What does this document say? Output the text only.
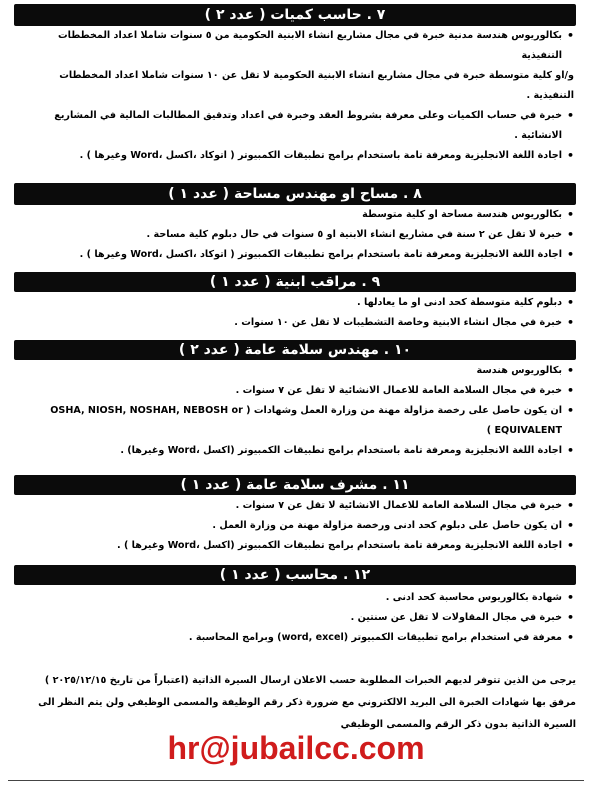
٧ . حاسب كميات ( عدد ٢ )

• بكالوريوس هندسة مدنية خبرة في مجال مشاريع انشاء الابنية الحكومية من ٥ سنوات شاملا اعداد المخططات التنفيذية

و/او كلية متوسطة خبرة في مجال مشاريع انشاء الابنية الحكومية لا تقل عن ١٠ سنوات شاملا اعداد المخططات التنفيذية .

• خبرة في حساب الكميات وعلى معرفة بشروط العقد وخبرة في اعداد وتدقيق المطالبات المالية في المشاريع الانشائية .

• اجادة اللغة الانجليزية ومعرفة تامة باستخدام برامج تطبيقات الكمبيوتر ( اتوكاد ،اكسل ،Word وغيرها ) .

٨ . مساح او مهندس مساحة ( عدد ١ )

• بكالوريوس هندسة مساحة او كلية متوسطة

• خبرة لا تقل عن ٢ سنة في مشاريع انشاء الابنية او ٥ سنوات في حال دبلوم كلية مساحة .

• اجادة اللغة الانجليزية ومعرفة تامة باستخدام برامج تطبيقات الكمبيوتر ( اتوكاد ،اكسل ،Word وغيرها ) .

٩ . مراقب ابنية ( عدد ١ )

• دبلوم كلية متوسطة كحد ادنى او ما يعادلها .

• خبرة في مجال انشاء الابنية وخاصة التشطيبات لا تقل عن ١٠ سنوات .

١٠ . مهندس سلامة عامة ( عدد ٢ )

• بكالوريوس هندسة

• خبرة في مجال السلامة العامة للاعمال الانشائية لا تقل عن ٧ سنوات .

• ان يكون حاصل على رخصة مزاولة مهنة من وزارة العمل وشهادات ( OSHA, NIOSH, NOSHAH, NEBOSH or EQUIVALENT )

• اجادة اللغة الانجليزية ومعرفة تامة باستخدام برامج تطبيقات الكمبيوتر (اكسل ،Word وغيرها) .

١١ . مشرف سلامة عامة ( عدد ١ )

• خبرة في مجال السلامة العامة للاعمال الانشائية لا تقل عن ٧ سنوات .

• ان يكون حاصل على دبلوم كحد ادنى ورخصة مزاولة مهنة من وزارة العمل .

• اجادة اللغة الانجليزية ومعرفة تامة باستخدام برامج تطبيقات الكمبيوتر (اكسل ،Word وغيرها ) .

١٢ . محاسب ( عدد ١ )

• شهادة بكالوريوس محاسبة كحد ادنى .

• خبرة في مجال المقاولات لا تقل عن سنتين .

• معرفة في استخدام برامج تطبيقات الكمبيوتر (word, excel) وبرامج المحاسبة .

يرجى من الذين تتوفر لديهم الخبرات المطلوبة حسب الاعلان ارسال السيرة الذاتية (اعتباراً من تاريخ ٢٠٢٥/١٢/١٥ ) مرفق بها شهادات الخبرة الى البريد الالكتروني مع ضرورة ذكر رقم الوظيفة والمسمى الوظيفي ولن يتم النظر الى السيرة الذاتية بدون ذكر الرقم والمسمى الوظيفي

hr@jubailcc.com
